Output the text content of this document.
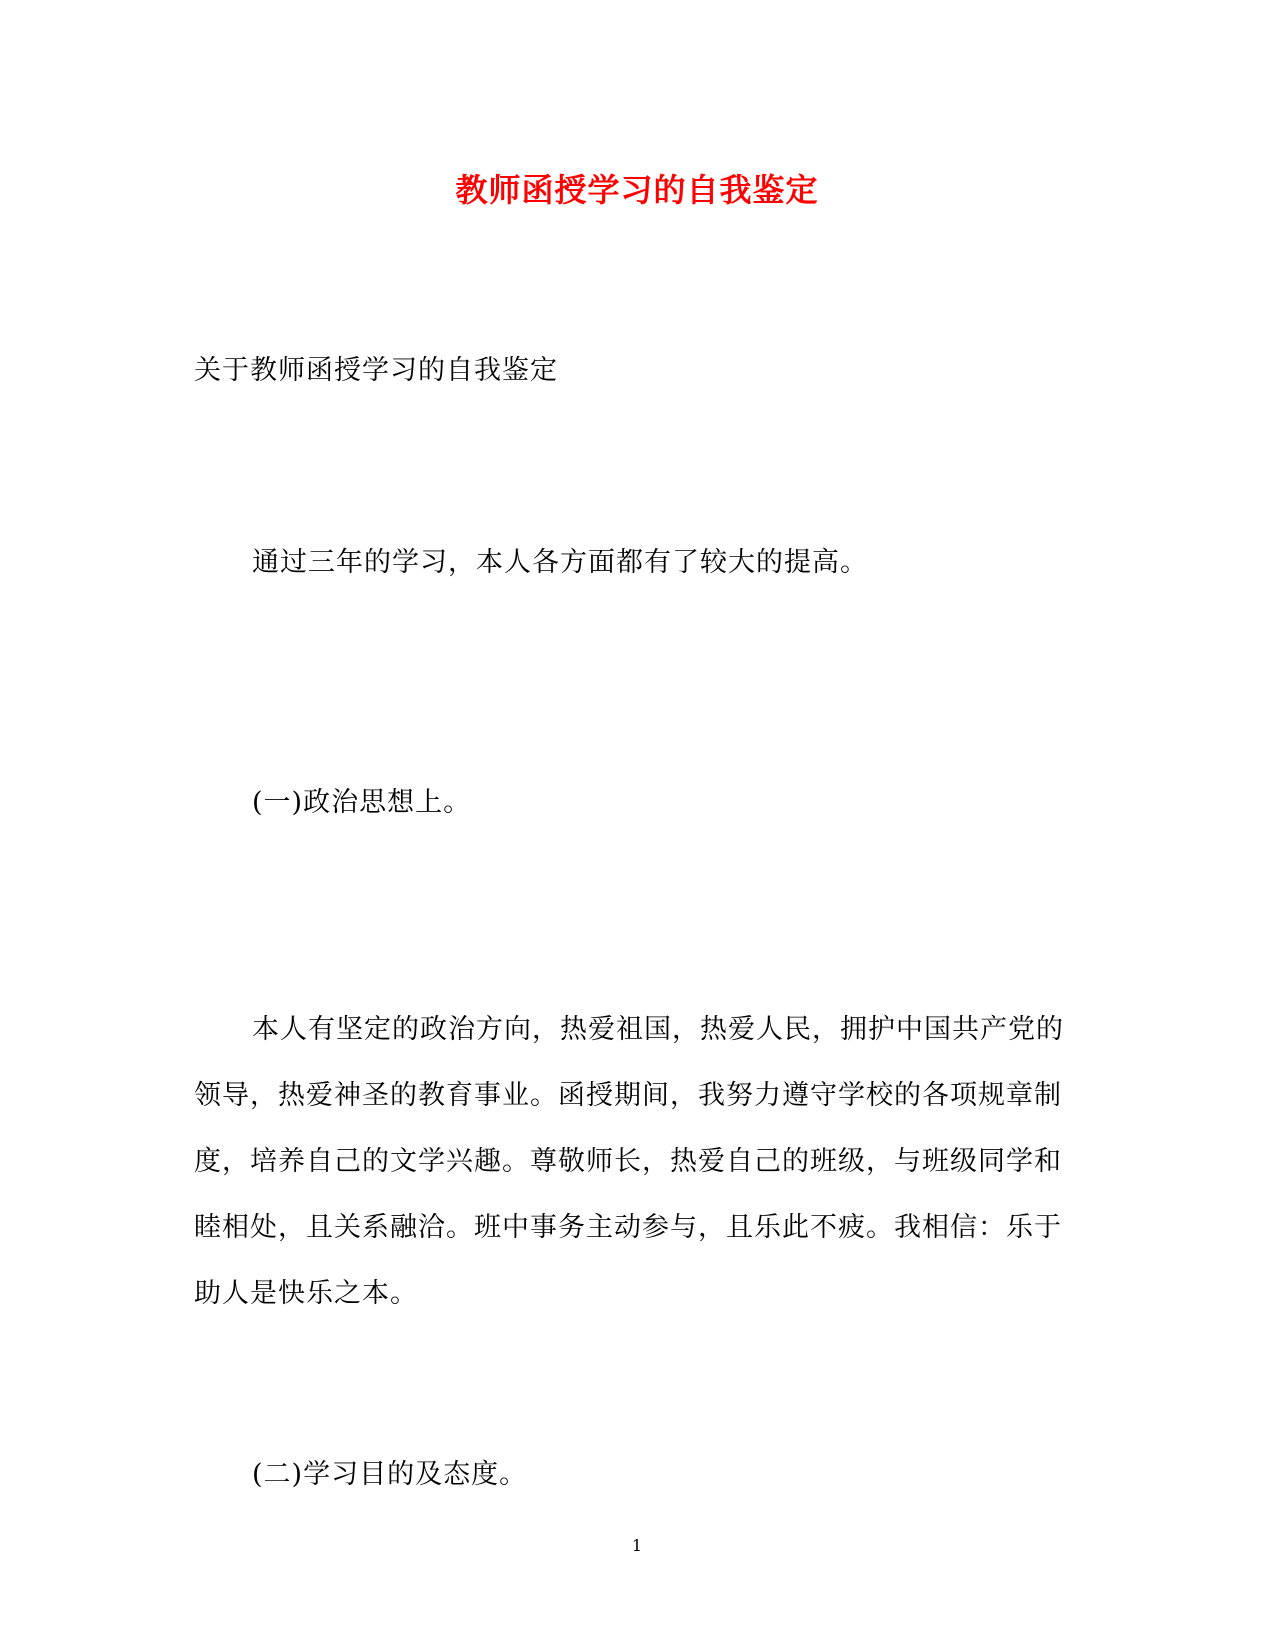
教师函授学习的自我鉴定

关于教师函授学习的自我鉴定

通过三年的学习，本人各方面都有了较大的提高。

(一)政治思想上。

本人有坚定的政治方向，热爱祖国，热爱人民，拥护中国共产党的领导，热爱神圣的教育事业。函授期间，我努力遵守学校的各项规章制度，培养自己的文学兴趣。尊敬师长，热爱自己的班级，与班级同学和睦相处，且关系融洽。班中事务主动参与，且乐此不疲。我相信：乐于助人是快乐之本。

(二)学习目的及态度。

1
